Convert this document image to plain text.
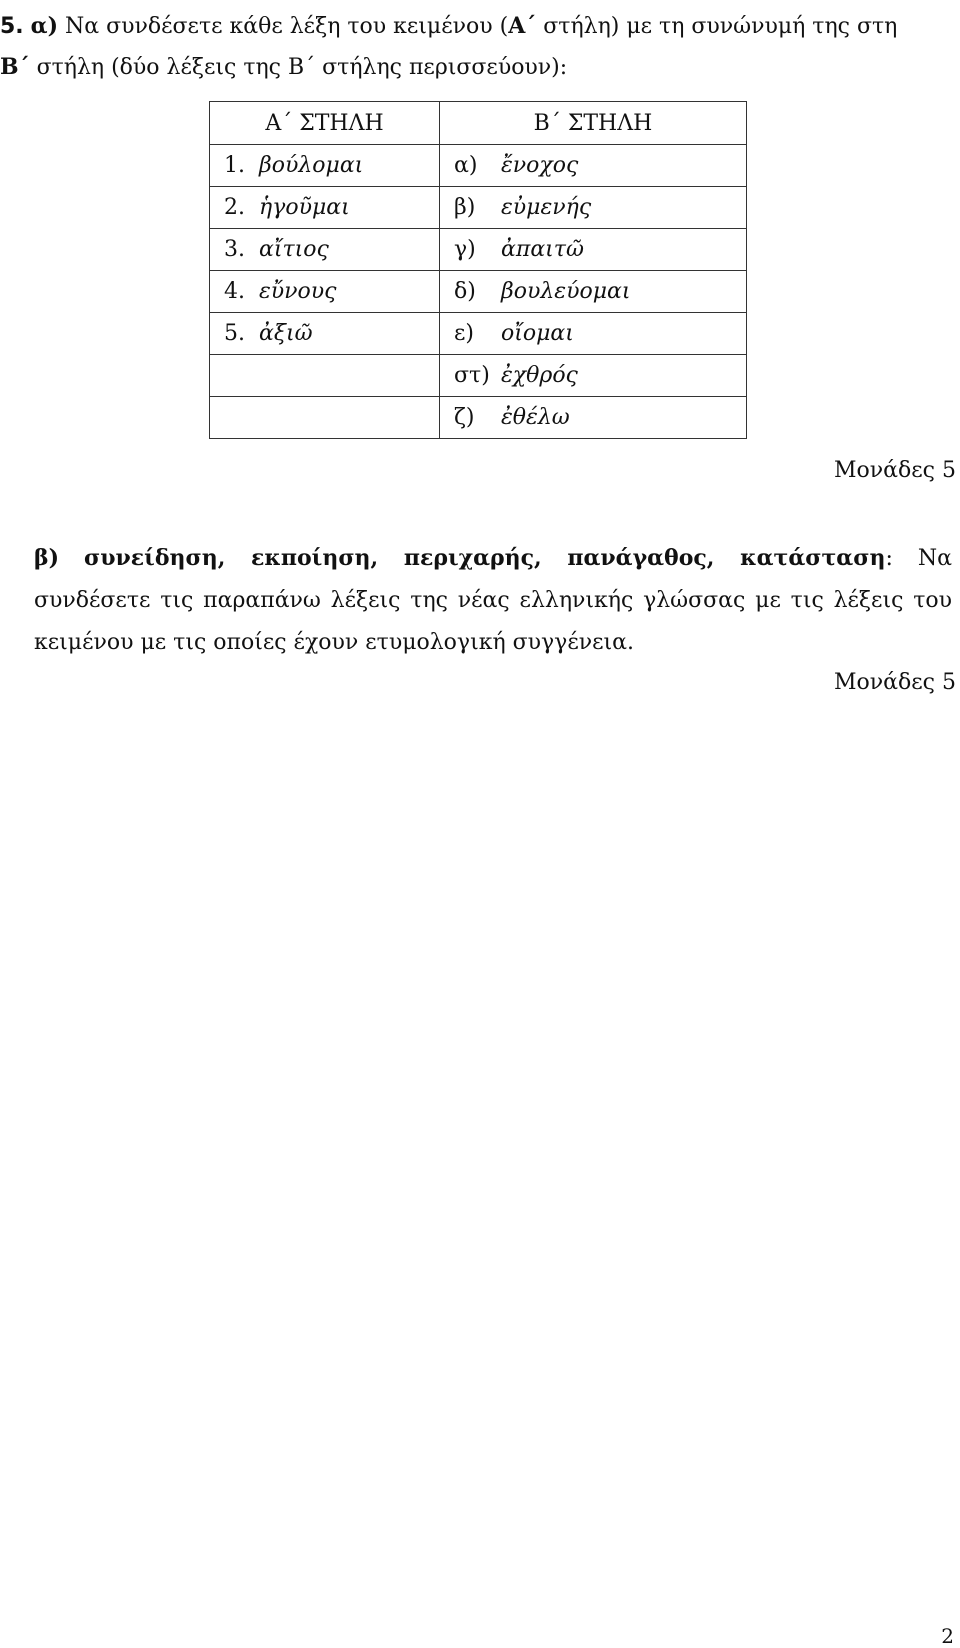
5. α) Να συνδέσετε κάθε λέξη του κειμένου (Α΄ στήλη) με τη συνώνυμή της στη
Β΄ στήλη (δύο λέξεις της Β΄ στήλης περισσεύουν):

Α΄ ΣΤΗΛΗ	Β΄ ΣΤΗΛΗ
1. βούλομαι	α) ἔνοχος
2. ἡγοῦμαι	β) εὐμενής
3. αἴτιος	γ) ἀπαιτῶ
4. εὔνους	δ) βουλεύομαι
5. ἀξιῶ	ε) οἴομαι
	στ) ἐχθρός
	ζ) ἐθέλω

Μονάδες 5

β) συνείδηση, εκποίηση, περιχαρής, πανάγαθος, κατάσταση: Να συνδέσετε τις παραπάνω λέξεις της νέας ελληνικής γλώσσας με τις λέξεις του κειμένου με τις οποίες έχουν ετυμολογική συγγένεια.

Μονάδες 5

2
